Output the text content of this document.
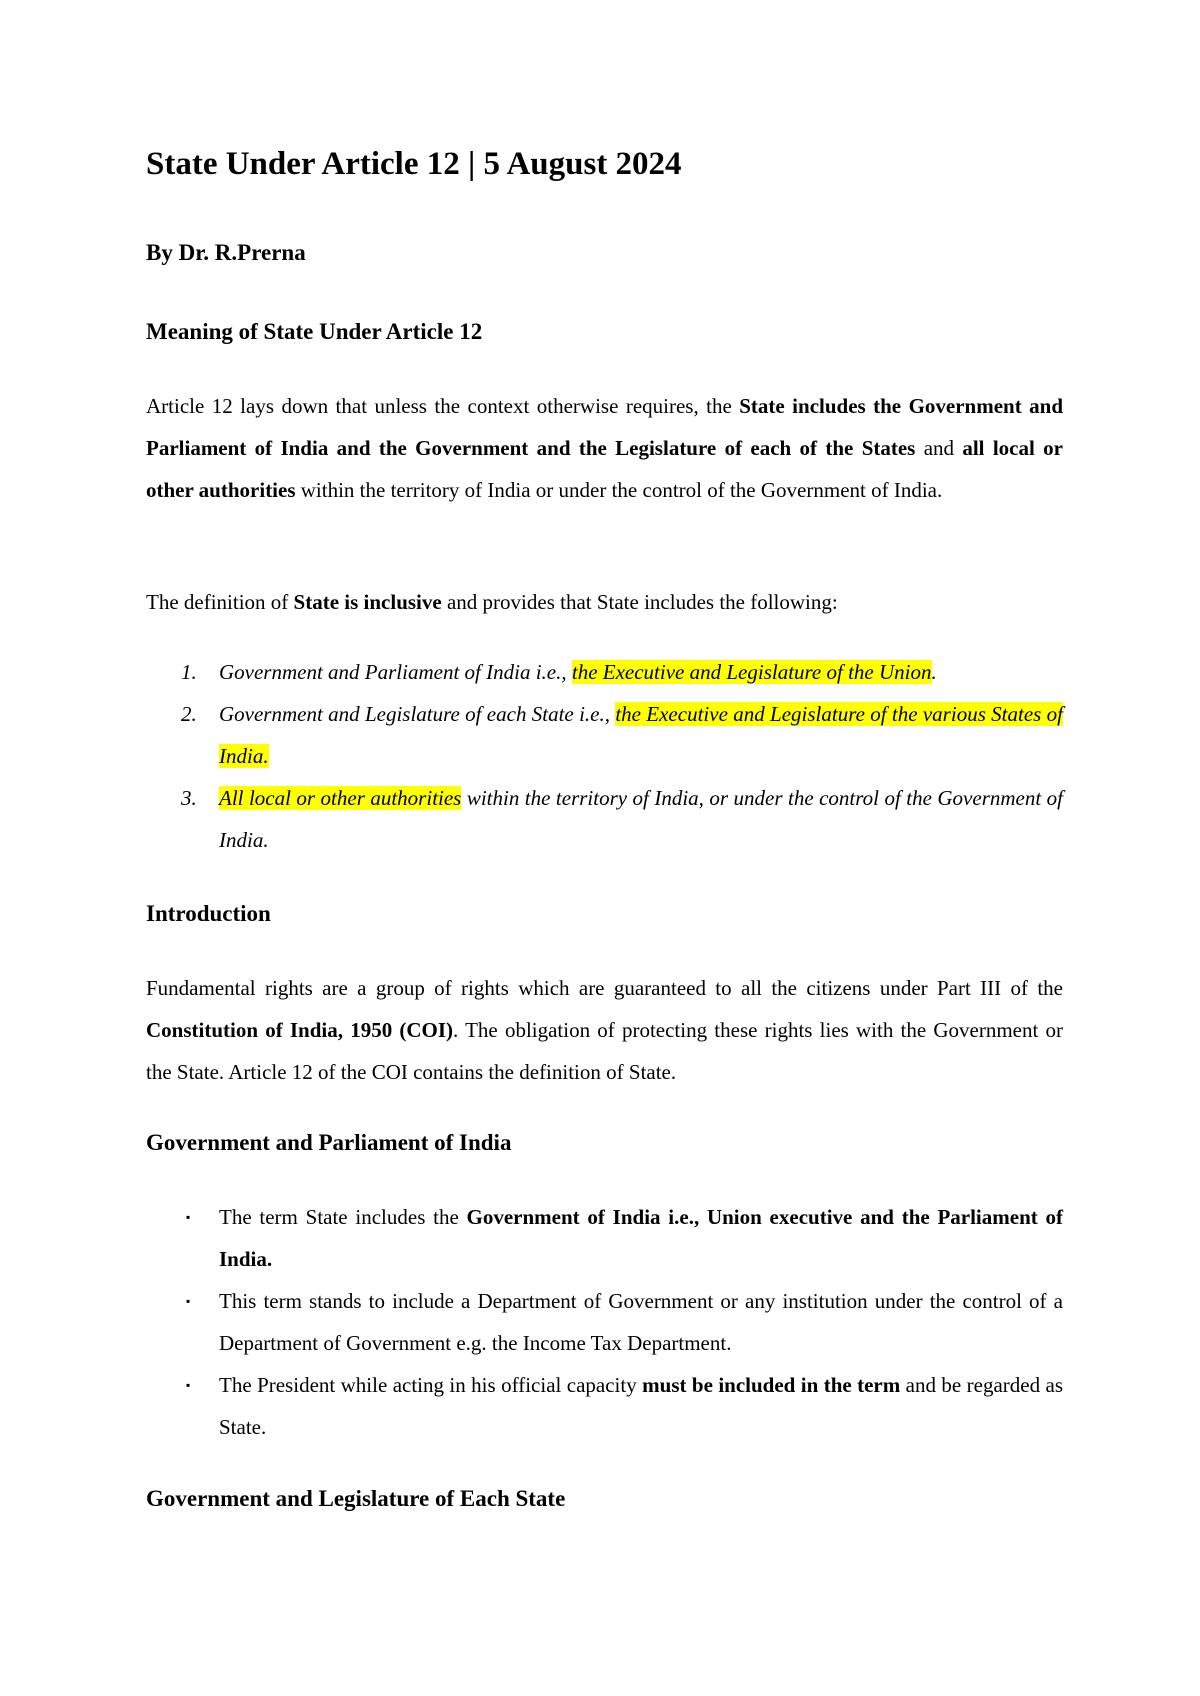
State Under Article 12 | 5 August 2024
By Dr. R.Prerna
Meaning of State Under Article 12

Article 12 lays down that unless the context otherwise requires, the State includes the Government and Parliament of India and the Government and the Legislature of each of the States and all local or other authorities within the territory of India or under the control of the Government of India.

The definition of State is inclusive and provides that State includes the following:

1. Government and Parliament of India i.e., the Executive and Legislature of the Union.
2. Government and Legislature of each State i.e., the Executive and Legislature of the various States of India.
3. All local or other authorities within the territory of India, or under the control of the Government of India.
Introduction

Fundamental rights are a group of rights which are guaranteed to all the citizens under Part III of the Constitution of India, 1950 (COI). The obligation of protecting these rights lies with the Government or the State. Article 12 of the COI contains the definition of State.

Government and Parliament of India
▪ The term State includes the Government of India i.e., Union executive and the Parliament of India.
▪ This term stands to include a Department of Government or any institution under the control of a Department of Government e.g. the Income Tax Department.
▪ The President while acting in his official capacity must be included in the term and be regarded as State.
Government and Legislature of Each State
